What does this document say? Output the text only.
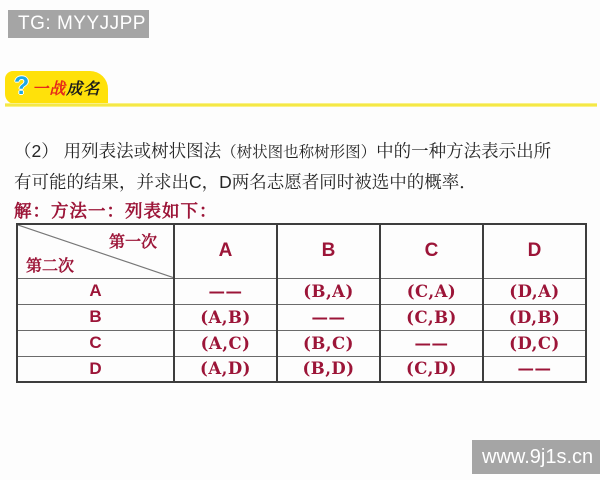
TG: MYYJJPP
? 一战 成名
（2） 用列表法或树状图法（树状图也称树形图）中的一种方法表示出所
有可能的结果，并求出C，D两名志愿者同时被选中的概率．
解：方法一：列表如下：
第一次
第二次	A	B	C	D
A	——	(B,A)	(C,A)	(D,A)
B	(A,B)	——	(C,B)	(D,B)
C	(A,C)	(B,C)	——	(D,C)
D	(A,D)	(B,D)	(C,D)	——
www.9j1s.cn
